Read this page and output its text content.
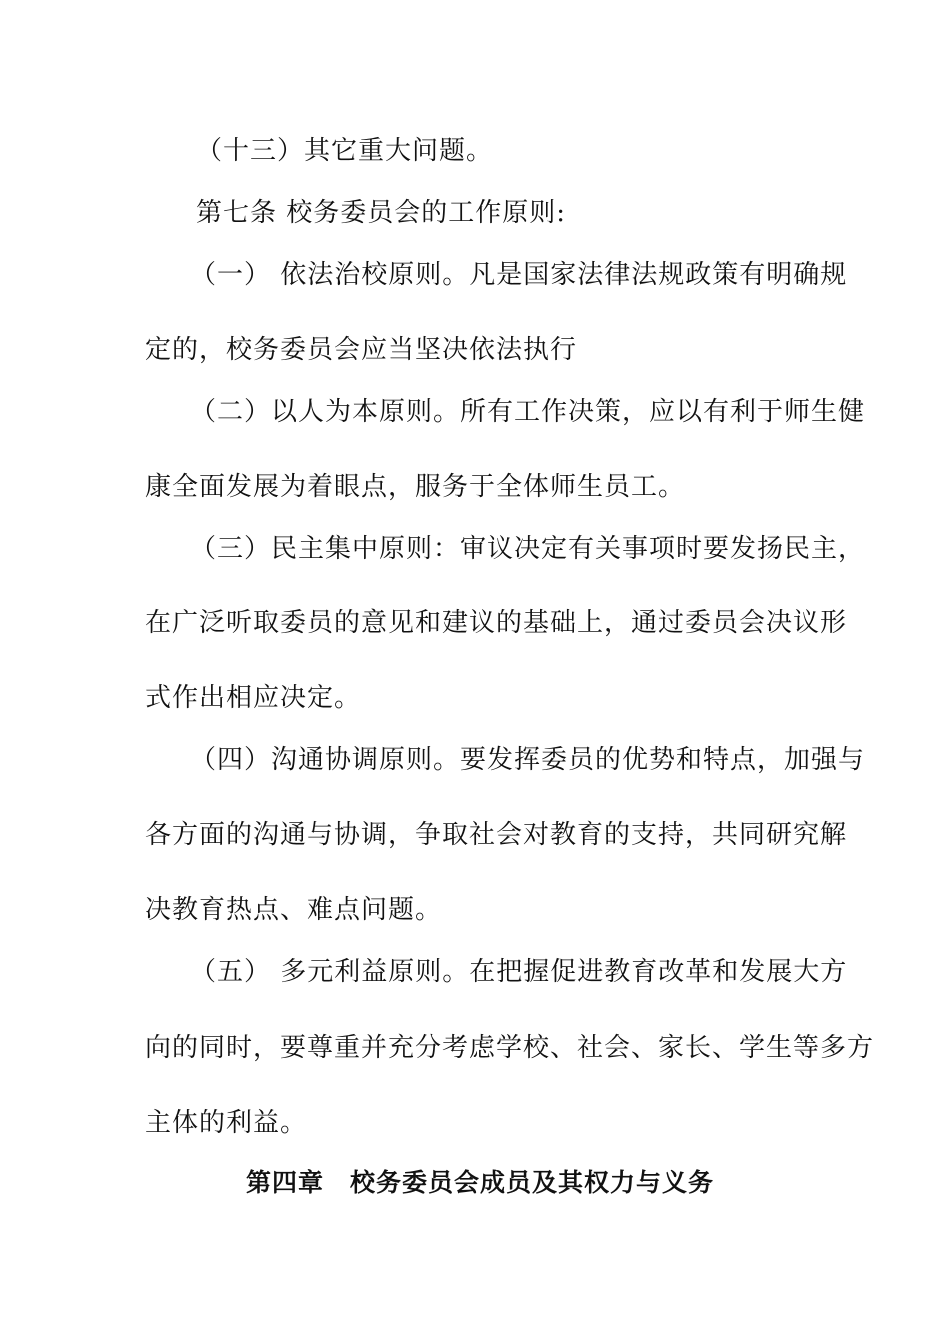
（十三）其它重大问题。
第七条 校务委员会的工作原则:
（一） 依法治校原则。凡是国家法律法规政策有明确规
定的，校务委员会应当坚决依法执行
（二）以人为本原则。所有工作决策，应以有利于师生健
康全面发展为着眼点，服务于全体师生员工。
（三）民主集中原则：审议决定有关事项时要发扬民主，
在广泛听取委员的意见和建议的基础上，通过委员会决议形
式作出相应决定。
（四）沟通协调原则。要发挥委员的优势和特点，加强与
各方面的沟通与协调，争取社会对教育的支持，共同研究解
决教育热点、难点问题。
（五） 多元利益原则。在把握促进教育改革和发展大方
向的同时，要尊重并充分考虑学校、社会、家长、学生等多方
主体的利益。
第四章　校务委员会成员及其权力与义务
